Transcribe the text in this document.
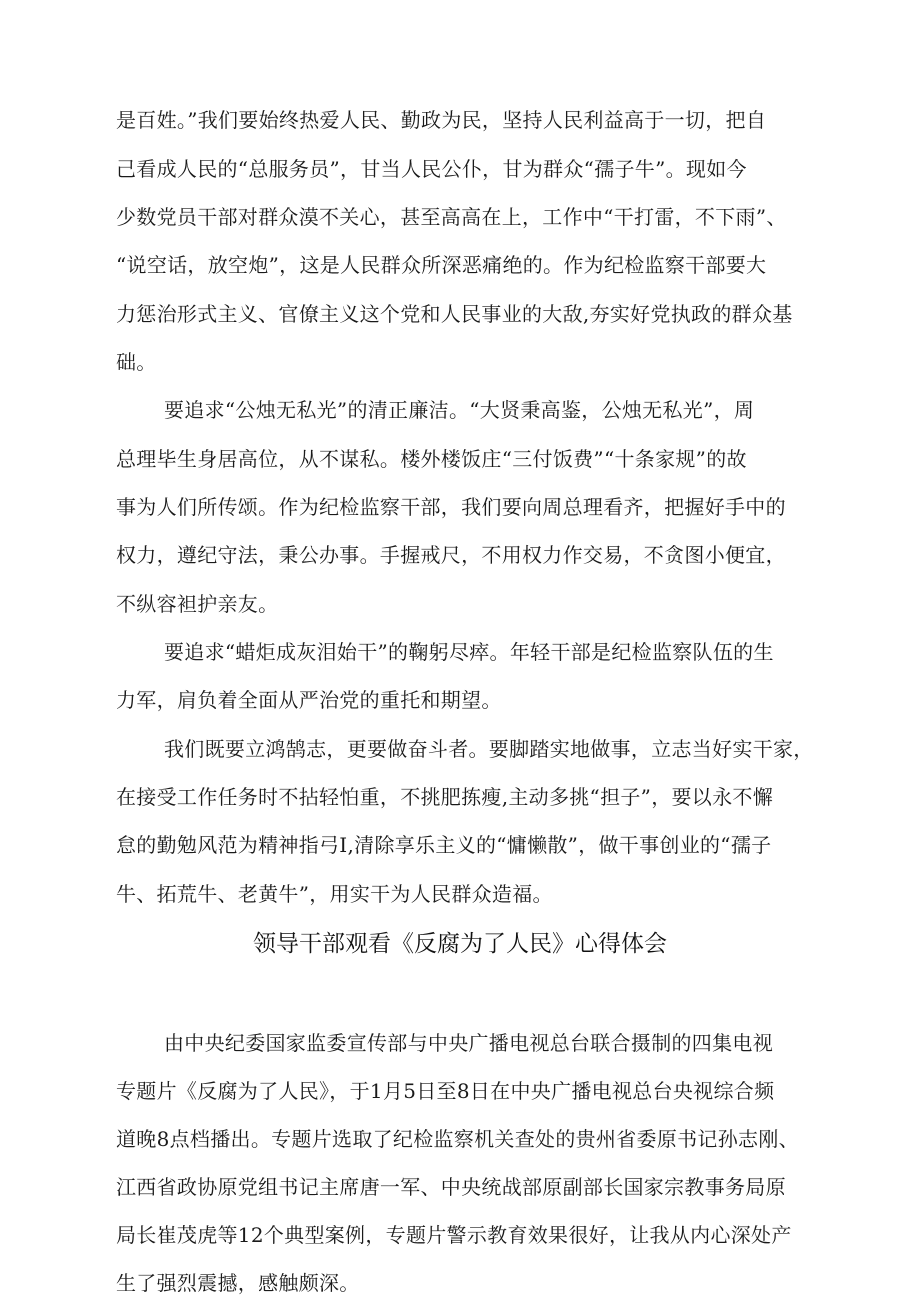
是百姓。”我们要始终热爱人民、勤政为民，坚持人民利益高于一切，把自
己看成人民的“总服务员”，甘当人民公仆，甘为群众“孺子牛”。现如今
少数党员干部对群众漠不关心，甚至高高在上，工作中“干打雷，不下雨”、
“说空话，放空炮”，这是人民群众所深恶痛绝的。作为纪检监察干部要大
力惩治形式主义、官僚主义这个党和人民事业的大敌,夯实好党执政的群众基
础。
要追求“公烛无私光”的清正廉洁。“大贤秉高鉴，公烛无私光”，周
总理毕生身居高位，从不谋私。楼外楼饭庄“三付饭费”“十条家规”的故
事为人们所传颂。作为纪检监察干部，我们要向周总理看齐，把握好手中的
权力，遵纪守法，秉公办事。手握戒尺，不用权力作交易，不贪图小便宜，
不纵容袒护亲友。
要追求“蜡炬成灰泪始干”的鞠躬尽瘁。年轻干部是纪检监察队伍的生
力军，肩负着全面从严治党的重托和期望。
我们既要立鸿鹄志，更要做奋斗者。要脚踏实地做事，立志当好实干家，
在接受工作任务时不拈轻怕重，不挑肥拣瘦,主动多挑“担子”，要以永不懈
怠的勤勉风范为精神指弓I,清除享乐主义的“慵懒散”，做干事创业的“孺子
牛、拓荒牛、老黄牛”，用实干为人民群众造福。
领导干部观看《反腐为了人民》心得体会
由中央纪委国家监委宣传部与中央广播电视总台联合摄制的四集电视
专题片《反腐为了人民》，于1月5日至8日在中央广播电视总台央视综合频
道晚8点档播出。专题片选取了纪检监察机关查处的贵州省委原书记孙志刚、
江西省政协原党组书记主席唐一军、中央统战部原副部长国家宗教事务局原
局长崔茂虎等12个典型案例，专题片警示教育效果很好，让我从内心深处产
生了强烈震撼，感触颇深。
